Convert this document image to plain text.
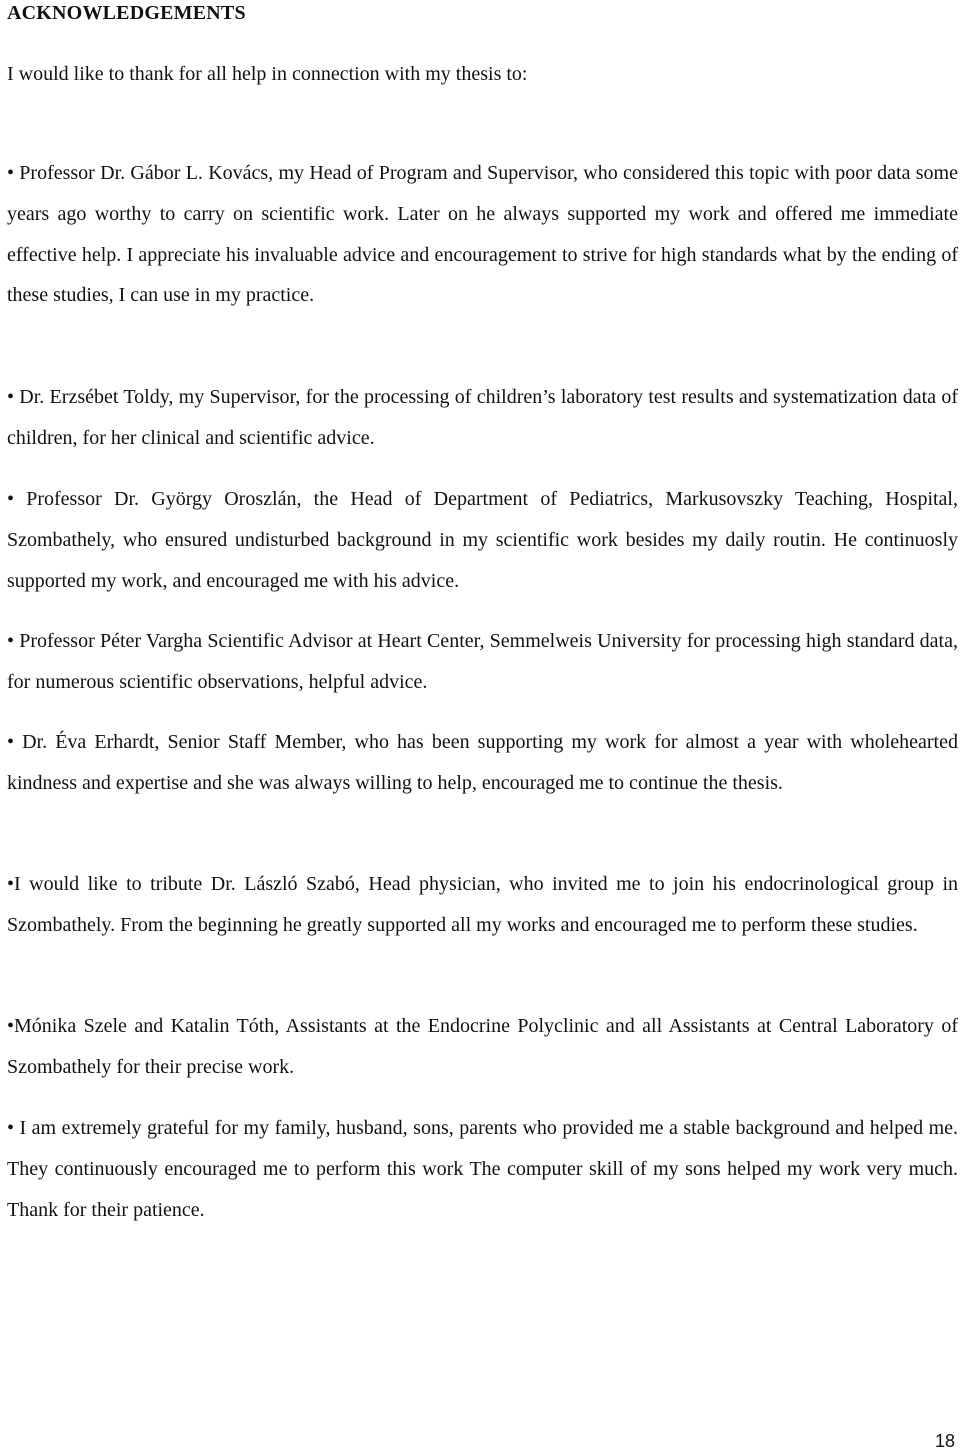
ACKNOWLEDGEMENTS
I would like to thank for all help in connection with my thesis to:

• Professor Dr. Gábor L. Kovács, my Head of Program and Supervisor, who considered this topic with poor data some years ago worthy to carry on scientific work. Later on he always supported my work and offered me immediate effective help. I appreciate his invaluable advice and encouragement to strive for high standards what by the ending of these studies, I can use in my practice.

• Dr. Erzsébet Toldy, my Supervisor, for the processing of children’s laboratory test results and systematization data of children, for her clinical and scientific advice.

• Professor Dr. György Oroszlán, the Head of Department of Pediatrics, Markusovszky Teaching, Hospital, Szombathely, who ensured undisturbed background in my scientific work besides my daily routin. He continuosly supported my work, and encouraged me with his advice.

• Professor Péter Vargha Scientific Advisor at Heart Center, Semmelweis University for processing high standard data, for numerous scientific observations, helpful advice.

• Dr. Éva Erhardt, Senior Staff Member, who has been supporting my work for almost a year with wholehearted kindness and expertise and she was always willing to help, encouraged me to continue the thesis.

•I would like to tribute Dr. László Szabó, Head physician, who invited me to join his endocrinological group in Szombathely. From the beginning he greatly supported all my works and encouraged me to perform these studies.

•Mónika Szele and Katalin Tóth, Assistants at the Endocrine Polyclinic and all Assistants at Central Laboratory of Szombathely for their precise work.

• I am extremely grateful for my family, husband, sons, parents who provided me a stable background and helped me. They continuously encouraged me to perform this work The computer skill of my sons helped my work very much. Thank for their patience.

18
